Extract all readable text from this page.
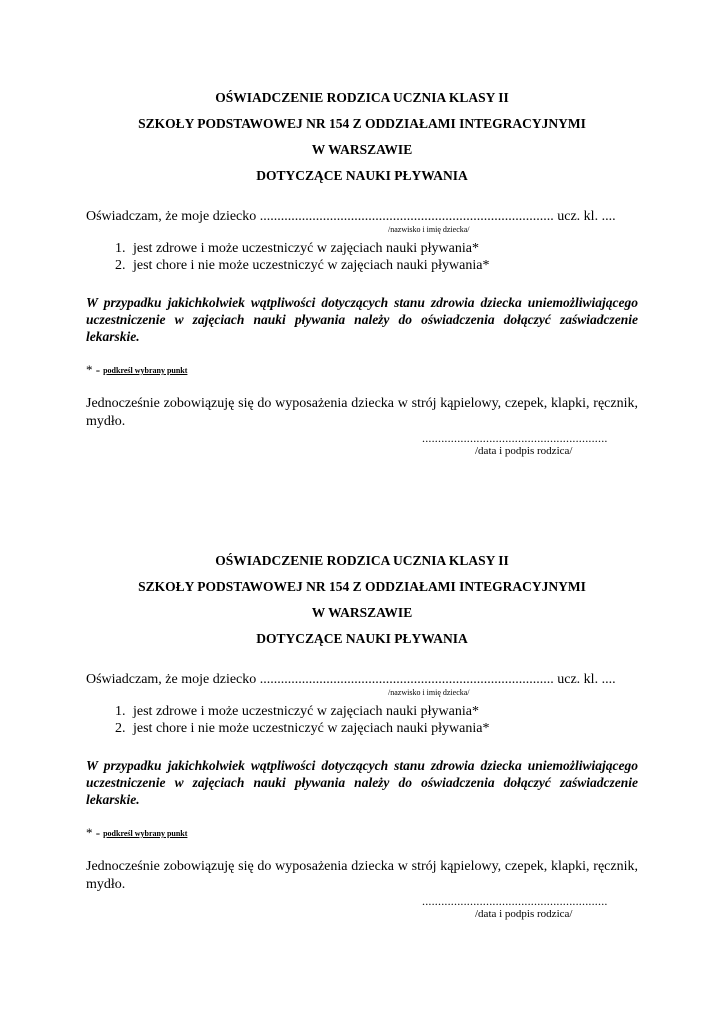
OŚWIADCZENIE RODZICA UCZNIA KLASY II
SZKOŁY PODSTAWOWEJ NR 154 Z ODDZIAŁAMI INTEGRACYJNYMI
W WARSZAWIE
DOTYCZĄCE NAUKI PŁYWANIA
Oświadczam, że moje dziecko .................................................................................... ucz. kl. ....
/nazwisko i imię dziecka/
1. jest zdrowe i może uczestniczyć w zajęciach nauki pływania*
2. jest chore i nie może uczestniczyć w zajęciach nauki pływania*
W przypadku jakichkolwiek wątpliwości dotyczących stanu zdrowia dziecka uniemożliwiającego uczestniczenie w zajęciach nauki pływania należy do oświadczenia dołączyć zaświadczenie lekarskie.
* - podkreśl wybrany punkt
Jednocześnie zobowiązuję się do wyposażenia dziecka w strój kąpielowy, czepek, klapki, ręcznik, mydło.
..........................................................
/data i podpis rodzica/
OŚWIADCZENIE RODZICA UCZNIA KLASY II
SZKOŁY PODSTAWOWEJ NR 154 Z ODDZIAŁAMI INTEGRACYJNYMI
W WARSZAWIE
DOTYCZĄCE NAUKI PŁYWANIA
Oświadczam, że moje dziecko .................................................................................... ucz. kl. ....
/nazwisko i imię dziecka/
1. jest zdrowe i może uczestniczyć w zajęciach nauki pływania*
2. jest chore i nie może uczestniczyć w zajęciach nauki pływania*
W przypadku jakichkolwiek wątpliwości dotyczących stanu zdrowia dziecka uniemożliwiającego uczestniczenie w zajęciach nauki pływania należy do oświadczenia dołączyć zaświadczenie lekarskie.
* - podkreśl wybrany punkt
Jednocześnie zobowiązuję się do wyposażenia dziecka w strój kąpielowy, czepek, klapki, ręcznik, mydło.
..........................................................
/data i podpis rodzica/
